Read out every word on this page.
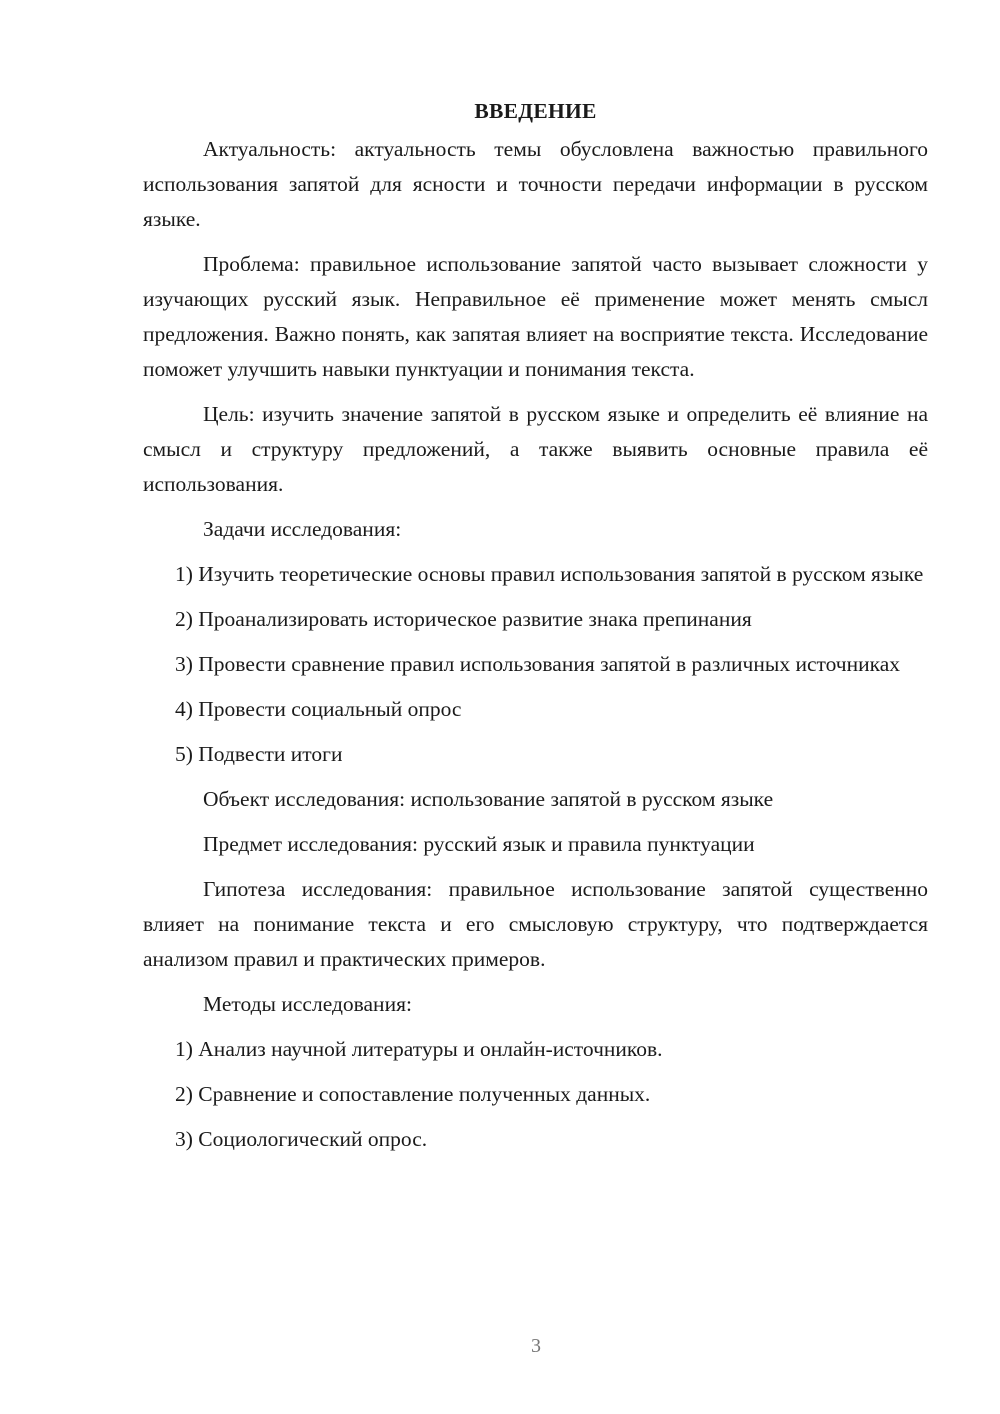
ВВЕДЕНИЕ

Актуальность: актуальность темы обусловлена важностью правильного использования запятой для ясности и точности передачи информации в русском языке.

Проблема: правильное использование запятой часто вызывает сложности у изучающих русский язык. Неправильное её применение может менять смысл предложения. Важно понять, как запятая влияет на восприятие текста. Исследование поможет улучшить навыки пунктуации и понимания текста.

Цель: изучить значение запятой в русском языке и определить её влияние на смысл и структуру предложений, а также выявить основные правила её использования.

Задачи исследования:

1) Изучить теоретические основы правил использования запятой в русском языке

2) Проанализировать историческое развитие знака препинания

3) Провести сравнение правил использования запятой в различных источниках

4) Провести социальный опрос

5) Подвести итоги

Объект исследования: использование запятой в русском языке

Предмет исследования: русский язык и правила пунктуации

Гипотеза исследования: правильное использование запятой существенно влияет на понимание текста и его смысловую структуру, что подтверждается анализом правил и практических примеров.

Методы исследования:

1) Анализ научной литературы и онлайн-источников.

2) Сравнение и сопоставление полученных данных.

3) Социологический опрос.

3
